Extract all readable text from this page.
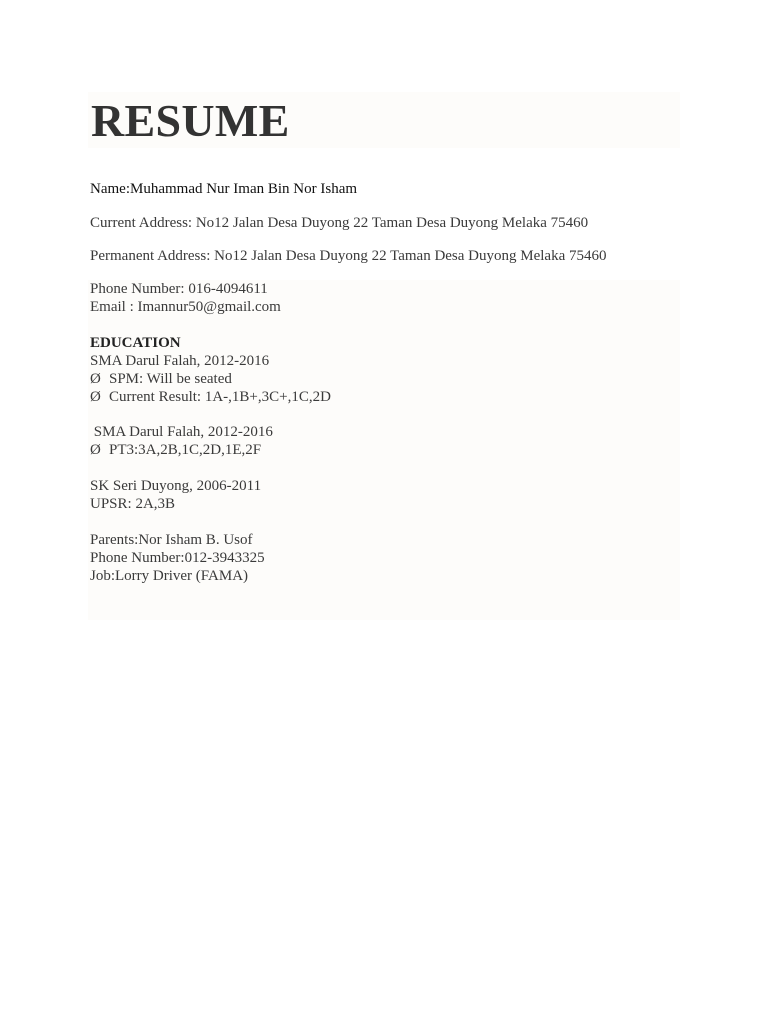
RESUME
Name:Muhammad Nur Iman Bin Nor Isham
Current Address: No12 Jalan Desa Duyong 22 Taman Desa Duyong Melaka 75460
Permanent Address: No12 Jalan Desa Duyong 22 Taman Desa Duyong Melaka 75460
Phone Number: 016-4094611
Email : Imannur50@gmail.com
EDUCATION
SMA Darul Falah, 2012-2016
Ø SPM: Will be seated
Ø Current Result: 1A-,1B+,3C+,1C,2D
SMA Darul Falah, 2012-2016
Ø PT3:3A,2B,1C,2D,1E,2F
SK Seri Duyong, 2006-2011
UPSR: 2A,3B
Parents:Nor Isham B. Usof
Phone Number:012-3943325
Job:Lorry Driver (FAMA)
